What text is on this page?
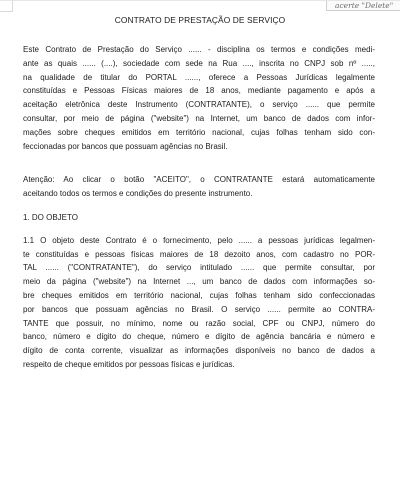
acerte "Delete"
CONTRATO DE PRESTAÇÃO DE SERVIÇO
Este Contrato de Prestação do Serviço ...... - disciplina os termos e condições medi-
ante as quais ...... (....), sociedade com sede na Rua ...., inscrita no CNPJ sob nº .....,
na qualidade de titular do PORTAL ......, oferece a Pessoas Jurídicas legalmente
constituídas e Pessoas Físicas maiores de 18 anos, mediante pagamento e após a
aceitação eletrônica deste Instrumento (CONTRATANTE), o serviço ...... que permite
consultar, por meio de página ("website") na Internet, um banco de dados com infor-
mações sobre cheques emitidos em território nacional, cujas folhas tenham sido con-
feccionadas por bancos que possuam agências no Brasil.
Atenção: Ao clicar o botão "ACEITO", o CONTRATANTE estará automaticamente
aceitando todos os termos e condições do presente instrumento.
1. DO OBJETO
1.1 O objeto deste Contrato é o fornecimento, pelo ...... a pessoas jurídicas legalmen-
te constituídas e pessoas físicas maiores de 18 dezoito anos, com cadastro no POR-
TAL ...... ("CONTRATANTE"), do serviço intitulado ...... que permite consultar, por
meio da página ("website") na Internet ..., um banco de dados com informações so-
bre cheques emitidos em território nacional, cujas folhas tenham sido confeccionadas
por bancos que possuam agências no Brasil. O serviço ...... permite ao CONTRA-
TANTE que possuir, no mínimo, nome ou razão social, CPF ou CNPJ, número do
banco, número e dígito do cheque, número e dígito de agência bancária e número e
dígito de conta corrente, visualizar as informações disponíveis no banco de dados a
respeito de cheque emitidos por pessoas físicas e jurídicas.
